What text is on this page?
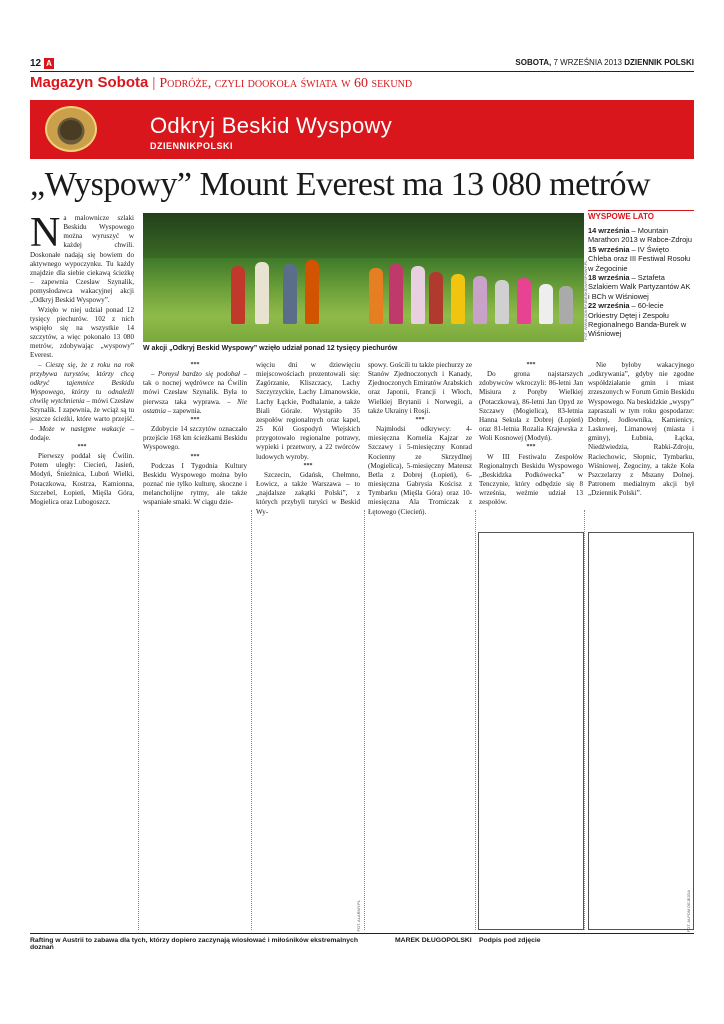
12 A	SOBOTA, 7 WRZEŚNIA 2013 DZIENNIK POLSKI
Magazyn Sobota | Podróże, czyli dookoła świata w 60 sekund
Odkryj Beskid Wyspowy
DZIENNIKPOLSKI
„Wyspowy” Mount Everest ma 13 080 metrów
FOT. WWW.ODKRYJBESKIDWYSPOWY.PL
W akcji „Odkryj Beskid Wyspowy” wzięło udział ponad 12 tysięcy piechurów

Na malownicze szlaki Beskidu Wyspowego można wyruszyć w każdej chwili. Doskonałe nadają się bowiem do aktywnego wypoczynku. Tu każdy znajdzie dla siebie ciekawą ścieżkę – zapewnia Czesław Szynalik, pomysłodawca wakacyjnej akcji „Odkryj Beskid Wyspowy”.

Wzięło w niej udział ponad 12 tysięcy piechurów. 102 z nich wspięło się na wszystkie 14 szczytów, a więc pokonało 13 080 metrów, zdobywając „wyspowy” Everest.

– Cieszę się, że z roku na rok przybywa turystów, którzy chcą odkryć tajemnice Beskidu Wyspowego, którzy tu odnaleźli chwilę wytchnienia – mówi Czesław Szynalik. I zapewnia, że wciąż są tu jeszcze ścieżki, które warto przejść. – Może w następne wakacje – dodaje.

***

Pierwszy poddał się Ćwilin. Potem uległy: Ciecień, Jasień, Modyń, Śnieżnica, Luboń Wielki, Potaczkowa, Kostrza, Kamionna, Szczebel, Łopień, Mięśla Góra, Mogielica oraz Lubogoszcz.

***

– Pomysł bardzo się podobał – tak o nocnej wędrówce na Ćwilin mówi Czesław Szynalik. Była to pierwsza taka wyprawa. – Nie ostatnia – zapewnia.

***

Zdobycie 14 szczytów oznaczało przejście 168 km ścieżkami Beskidu Wyspowego.

***

Podczas I Tygodnia Kultury Beskidu Wyspowego można było poznać nie tylko kulturę, skoczne i melancholijne rytmy, ale także wspaniałe smaki. W ciągu dzie-

więciu dni w dziewięciu miejscowościach prezentowali się: Zagórzanie, Kliszczacy, Lachy Szczyrzyckie, Lachy Limanowskie, Lachy Łąckie, Podhalanie, a także Biali Górale. Wystąpiło 35 zespołów regionalnych oraz kapel, 25 Kół Gospodyń Wiejskich przygotowało regionalne potrawy, wypieki i przetwory, a 22 twórców ludowych wyroby.

***

Szczecin, Gdańsk, Chełmno, Łowicz, a także Warszawa – to „najdalsze zakątki Polski”, z których przybyli turyści w Beskid Wy-

spowy. Gościli tu także piechurzy ze Stanów Zjednoczonych i Kanady, Zjednoczonych Emiratów Arabskich oraz Japonii, Francji i Włoch, Wielkiej Brytanii i Norwegii, a także Ukrainy i Rosji.

***

Najmłodsi odkrywcy: 4-miesięczna Kornelia Kajzar ze Szczawy i 5-miesięczny Konrad Kocienny ze Skrzydlnej (Mogielica), 5-miesięczny Mateusz Betla z Dobrej (Łopień), 6-miesięczna Gabrysia Kościsz z Tymbarku (Mięśla Góra) oraz 10-miesięczna Ala Tromiczak z Łętowego (Ciecień).

***

Do grona najstarszych zdobywców wkroczyli: 86-letni Jan Misiura z Poręby Wielkiej (Potaczkowa), 86-letni Jan Opyd ze Szczawy (Mogielica), 83-letnia Hanna Sekuła z Dobrej (Łopień) oraz 81-letnia Rozalia Krajewska z Woli Kosnowej (Modyń).

***

W III Festiwalu Zespołów Regionalnych Beskidu Wyspowego „Beskidzka Podkówecka” w Tenczynie, który odbędzie się 8 września, weźmie udział 13 zespołów.

Nie byłoby wakacyjnego „odkrywania”, gdyby nie zgodne współdziałanie gmin i miast zrzeszonych w Forum Gmin Beskidu Wyspowego. Na beskidzkie „wyspy” zapraszali w tym roku gospodarze: Dobrej, Jodłownika, Kamienicy, Laskowej, Limanowej (miasta i gminy), Łubnia, Łącka, Niedźwiedzia, Rabki-Zdroju, Raciechowic, Słopnic, Tymbarku, Wiśniowej, Żegociny, a także Koła Pszczelarzy z Mszany Dolnej. Patronem medialnym akcji był „Dziennik Polski”.

WYSPOWE LATO
14 września – Mountain Marathon 2013 w Rabce-Zdroju
15 września – IV Święto Chleba oraz III Festiwal Rosołu w Żegocinie
18 września – Sztafeta Szlakiem Walk Partyzantów AK i BCh w Wiśniowej
22 września – 60-lecie Orkiestry Dętej i Zespołu Regionalnego Banda-Burek w Wiśniowej
FOT. ALARMY.PL	FOT. ALFOM DEJEJDA
Rafting w Austrii to zabawa dla tych, którzy dopiero zaczynają wiosłować i miłośników ekstremalnych doznań
MAREK DŁUGOPOLSKI Podpis pod zdjęcie
